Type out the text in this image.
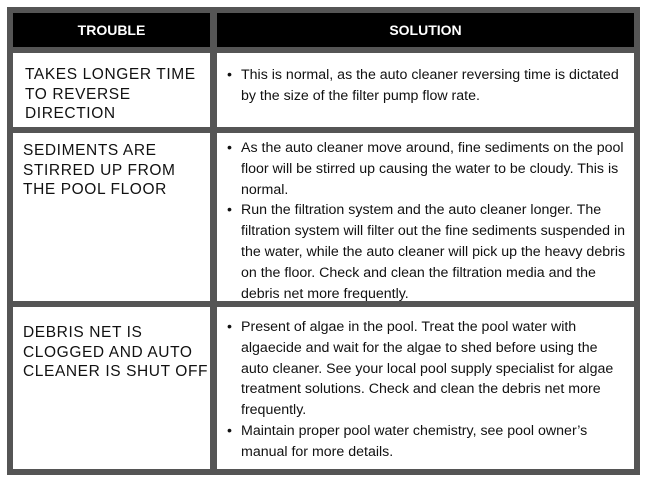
TROUBLE	SOLUTION
TAKES LONGER TIME TO REVERSE DIRECTION
• This is normal, as the auto cleaner reversing time is dictated by the size of the filter pump flow rate.
SEDIMENTS ARE STIRRED UP FROM THE POOL FLOOR
• As the auto cleaner move around, fine sediments on the pool floor will be stirred up causing the water to be cloudy. This is normal.
• Run the filtration system and the auto cleaner longer. The filtration system will filter out the fine sediments suspended in the water, while the auto cleaner will pick up the heavy debris on the floor. Check and clean the filtration media and the debris net more frequently.
DEBRIS NET IS CLOGGED AND AUTO CLEANER IS SHUT OFF
• Present of algae in the pool. Treat the pool water with algaecide and wait for the algae to shed before using the auto cleaner. See your local pool supply specialist for algae treatment solutions. Check and clean the debris net more frequently.
• Maintain proper pool water chemistry, see pool owner’s manual for more details.
